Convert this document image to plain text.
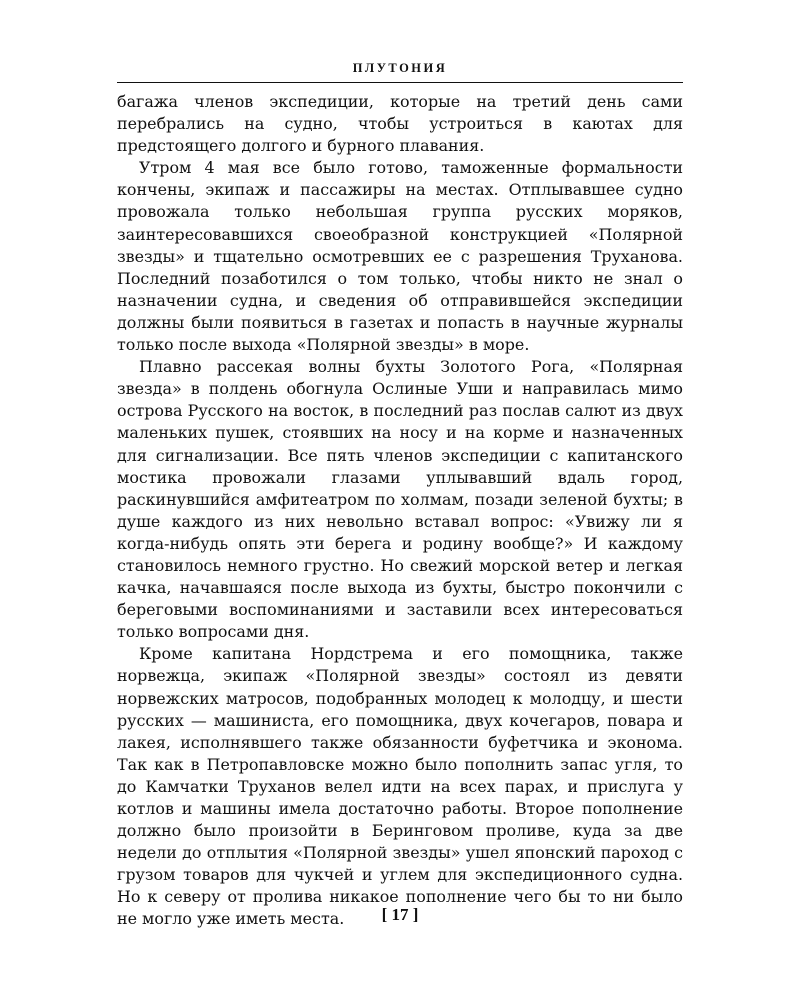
ПЛУТОНИЯ

багажа членов экспедиции, которые на третий день сами перебрались на судно, чтобы устроиться в каютах для предстоящего долгого и бурного плавания.

Утром 4 мая все было готово, таможенные формальности кончены, экипаж и пассажиры на местах. Отплывавшее судно провожала только небольшая группа русских моряков, заинтересовавшихся своеобразной конструкцией «Полярной звезды» и тщательно осмотревших ее с разрешения Труханова. Последний позаботился о том только, чтобы никто не знал о назначении судна, и сведения об отправившейся экспедиции должны были появиться в газетах и попасть в научные журналы только после выхода «Полярной звезды» в море.

Плавно рассекая волны бухты Золотого Рога, «Полярная звезда» в полдень обогнула Ослиные Уши и направилась мимо острова Русского на восток, в последний раз послав салют из двух маленьких пушек, стоявших на носу и на корме и назначенных для сигнализации. Все пять членов экспедиции с капитанского мостика провожали глазами уплывавший вдаль город, раскинувшийся амфитеатром по холмам, позади зеленой бухты; в душе каждого из них невольно вставал вопрос: «Увижу ли я когда-нибудь опять эти берега и родину вообще?» И каждому становилось немного грустно. Но свежий морской ветер и легкая качка, начавшаяся после выхода из бухты, быстро покончили с береговыми воспоминаниями и заставили всех интересоваться только вопросами дня.

Кроме капитана Нордстрема и его помощника, также норвежца, экипаж «Полярной звезды» состоял из девяти норвежских матросов, подобранных молодец к молодцу, и шести русских — машиниста, его помощника, двух кочегаров, повара и лакея, исполнявшего также обязанности буфетчика и эконома. Так как в Петропавловске можно было пополнить запас угля, то до Камчатки Труханов велел идти на всех парах, и прислуга у котлов и машины имела достаточно работы. Второе пополнение должно было произойти в Беринговом проливе, куда за две недели до отплытия «Полярной звезды» ушел японский пароход с грузом товаров для чукчей и углем для экспедиционного судна. Но к северу от пролива никакое пополнение чего бы то ни было не могло уже иметь места.	[ 17 ]
